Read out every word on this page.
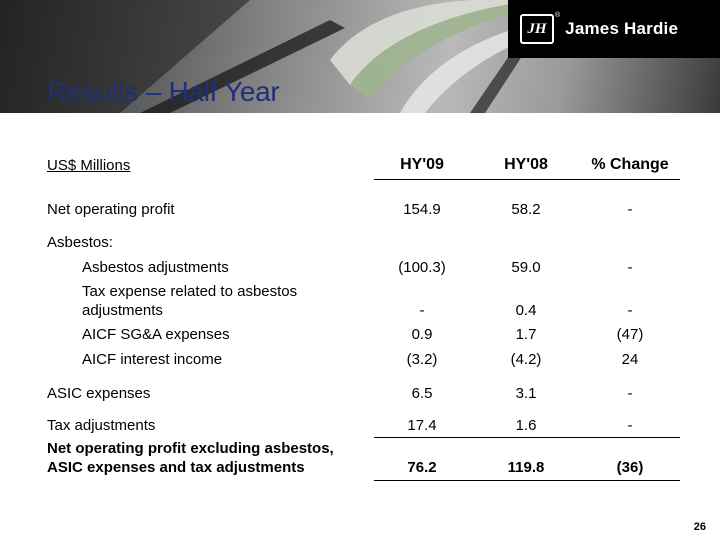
JH
®
James Hardie
Results – Half Year
US$ Millions	HY'09	HY'08	% Change
Net operating profit	154.9	58.2	-
Asbestos:
Asbestos adjustments	(100.3)	59.0	-
Tax expense related to asbestos
adjustments	-	0.4	-
AICF SG&A expenses	0.9	1.7	(47)
AICF interest income	(3.2)	(4.2)	24
ASIC expenses	6.5	3.1	-
Tax adjustments	17.4	1.6	-
Net operating profit excluding asbestos,
ASIC expenses and tax adjustments	76.2	119.8	(36)
26
